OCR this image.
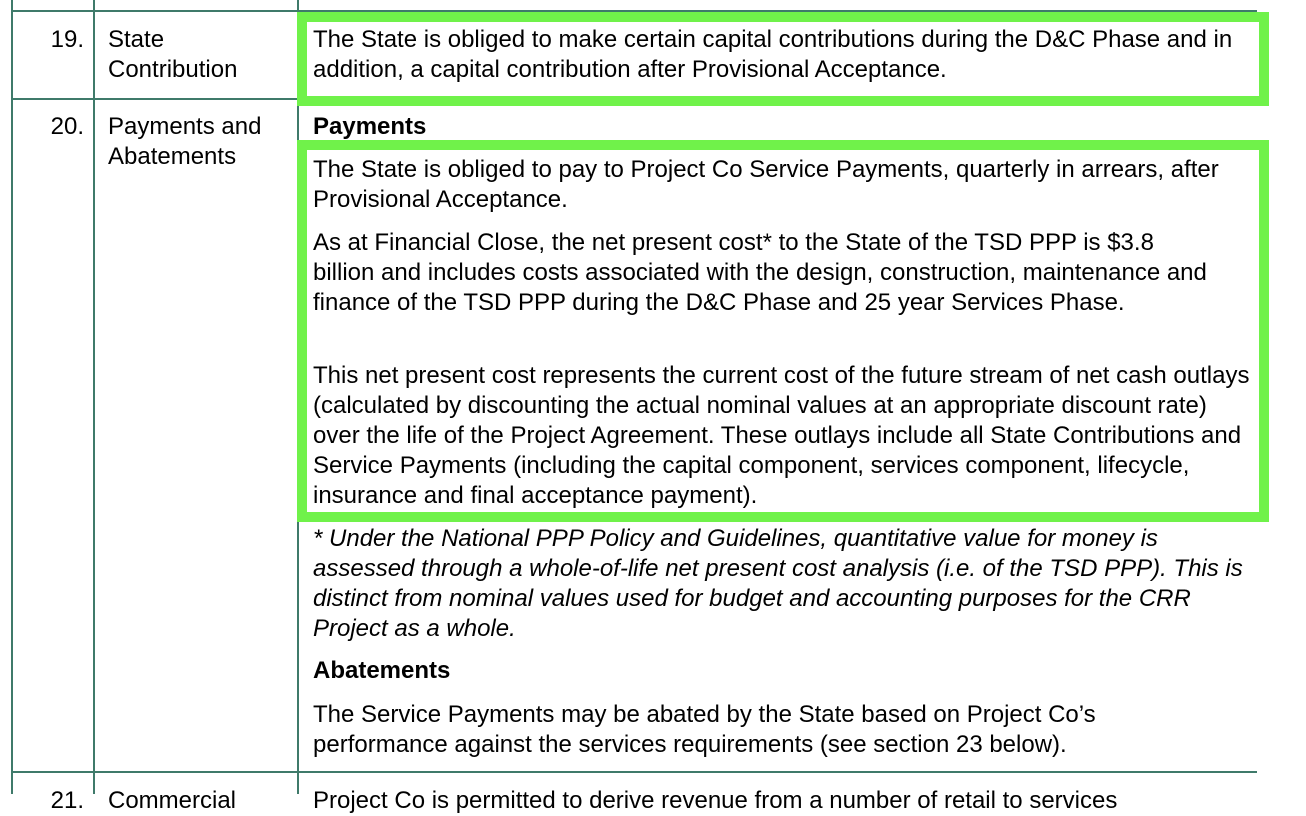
19. State Contribution

The State is obliged to make certain capital contributions during the D&C Phase and in addition, a capital contribution after Provisional Acceptance.

20. Payments and Abatements

Payments

The State is obliged to pay to Project Co Service Payments, quarterly in arrears, after Provisional Acceptance.

As at Financial Close, the net present cost* to the State of the TSD PPP is $3.8 billion and includes costs associated with the design, construction, maintenance and finance of the TSD PPP during the D&C Phase and 25 year Services Phase.

This net present cost represents the current cost of the future stream of net cash outlays (calculated by discounting the actual nominal values at an appropriate discount rate) over the life of the Project Agreement. These outlays include all State Contributions and Service Payments (including the capital component, services component, lifecycle, insurance and final acceptance payment).

* Under the National PPP Policy and Guidelines, quantitative value for money is assessed through a whole-of-life net present cost analysis (i.e. of the TSD PPP). This is distinct from nominal values used for budget and accounting purposes for the CRR Project as a whole.

Abatements

The Service Payments may be abated by the State based on Project Co’s performance against the services requirements (see section 23 below).

21. Commercial	Project Co is permitted to derive revenue from a number of retail to services
